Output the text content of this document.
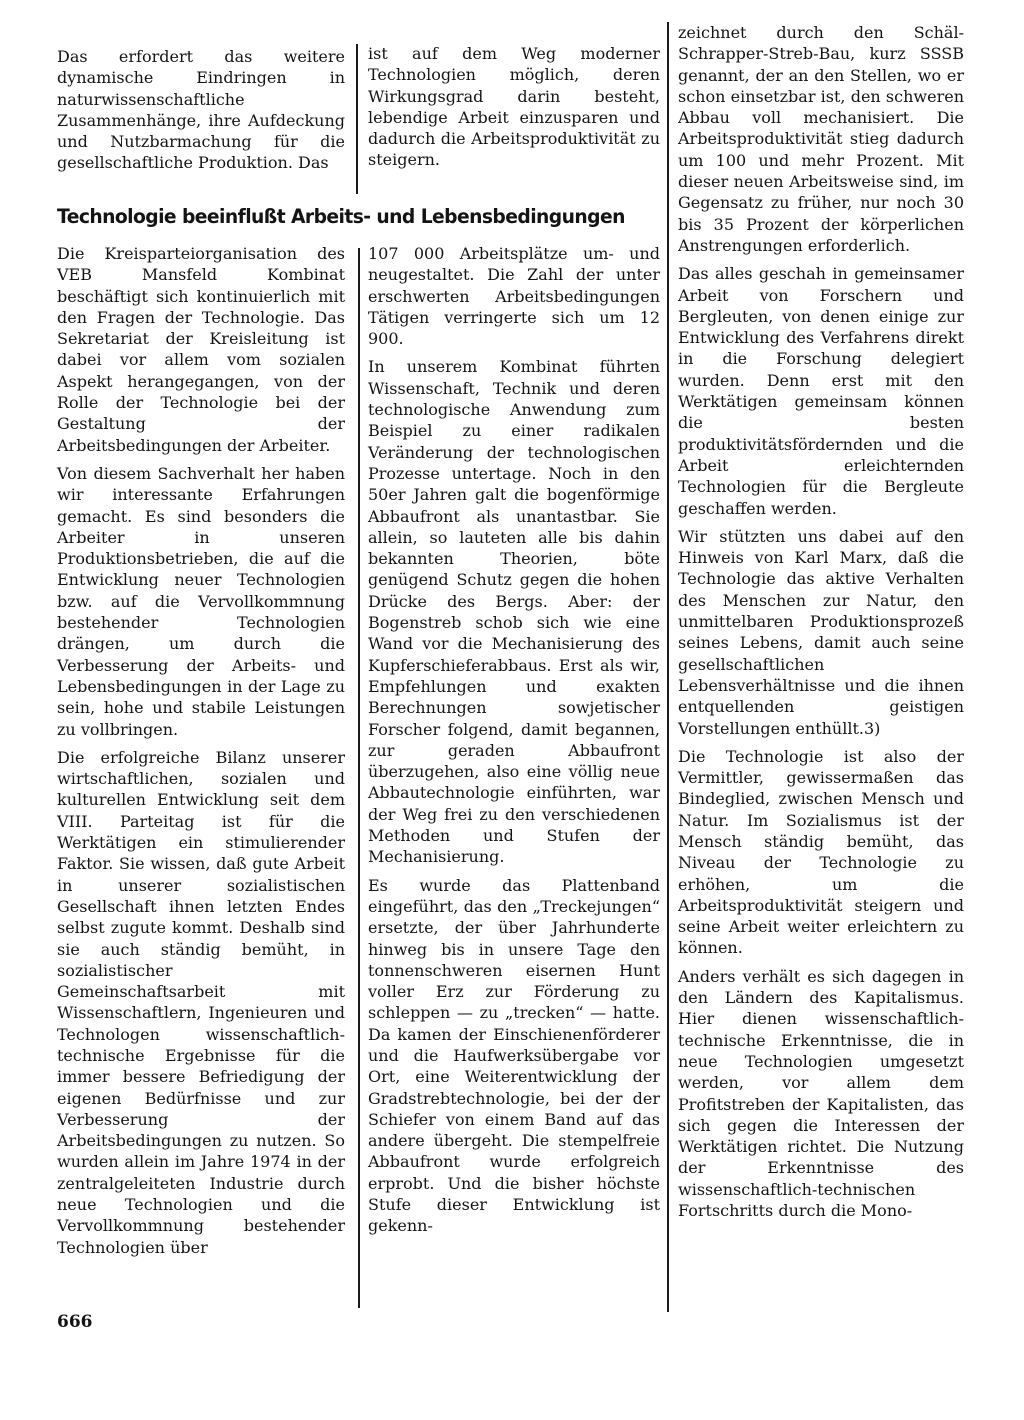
Das erfordert das weitere dynamische Eindringen in naturwissenschaftliche Zusammenhänge, ihre Aufdeckung und Nutzbarmachung für die gesellschaftliche Produktion. Das

ist auf dem Weg moderner Technologien möglich, deren Wirkungsgrad darin besteht, lebendige Arbeit einzusparen und dadurch die Arbeitsproduktivität zu steigern.

Technologie beeinflußt Arbeits- und Lebensbedingungen

Die Kreisparteiorganisation des VEB Mansfeld Kombinat beschäftigt sich kontinuierlich mit den Fragen der Technologie. Das Sekretariat der Kreisleitung ist dabei vor allem vom sozialen Aspekt herangegangen, von der Rolle der Technologie bei der Gestaltung der Arbeitsbedingungen der Arbeiter.

Von diesem Sachverhalt her haben wir interessante Erfahrungen gemacht. Es sind besonders die Arbeiter in unseren Produktionsbetrieben, die auf die Entwicklung neuer Technologien bzw. auf die Vervollkommnung bestehender Technologien drängen, um durch die Verbesserung der Arbeits- und Lebensbedingungen in der Lage zu sein, hohe und stabile Leistungen zu vollbringen.

Die erfolgreiche Bilanz unserer wirtschaftlichen, sozialen und kulturellen Entwicklung seit dem VIII. Parteitag ist für die Werktätigen ein stimulierender Faktor. Sie wissen, daß gute Arbeit in unserer sozialistischen Gesellschaft ihnen letzten Endes selbst zugute kommt. Deshalb sind sie auch ständig bemüht, in sozialistischer Gemeinschaftsarbeit mit Wissenschaftlern, Ingenieuren und Technologen wissenschaftlich-technische Ergebnisse für die immer bessere Befriedigung der eigenen Bedürfnisse und zur Verbesserung der Arbeitsbedingungen zu nutzen. So wurden allein im Jahre 1974 in der zentralgeleiteten Industrie durch neue Technologien und die Vervollkommnung bestehender Technologien über

107 000 Arbeitsplätze um- und neugestaltet. Die Zahl der unter erschwerten Arbeitsbedingungen Tätigen verringerte sich um 12 900.

In unserem Kombinat führten Wissenschaft, Technik und deren technologische Anwendung zum Beispiel zu einer radikalen Veränderung der technologischen Prozesse untertage. Noch in den 50er Jahren galt die bogenförmige Abbaufront als unantastbar. Sie allein, so lauteten alle bis dahin bekannten Theorien, böte genügend Schutz gegen die hohen Drücke des Bergs. Aber: der Bogenstreb schob sich wie eine Wand vor die Mechanisierung des Kupferschieferabbaus. Erst als wir, Empfehlungen und exakten Berechnungen sowjetischer Forscher folgend, damit begannen, zur geraden Abbaufront überzugehen, also eine völlig neue Abbautechnologie einführten, war der Weg frei zu den verschiedenen Methoden und Stufen der Mechanisierung.

Es wurde das Plattenband eingeführt, das den „Treckejungen“ ersetzte, der über Jahrhunderte hinweg bis in unsere Tage den tonnenschweren eisernen Hunt voller Erz zur Förderung zu schleppen — zu „trecken“ — hatte. Da kamen der Einschienenförderer und die Haufwerksübergabe vor Ort, eine Weiterentwicklung der Gradstrebtechnologie, bei der der Schiefer von einem Band auf das andere übergeht. Die stempelfreie Abbaufront wurde erfolgreich erprobt. Und die bisher höchste Stufe dieser Entwicklung ist gekenn-

zeichnet durch den Schäl-Schrapper-Streb-Bau, kurz SSSB genannt, der an den Stellen, wo er schon einsetzbar ist, den schweren Abbau voll mechanisiert. Die Arbeitsproduktivität stieg dadurch um 100 und mehr Prozent. Mit dieser neuen Arbeitsweise sind, im Gegensatz zu früher, nur noch 30 bis 35 Prozent der körperlichen Anstrengungen erforderlich.

Das alles geschah in gemeinsamer Arbeit von Forschern und Bergleuten, von denen einige zur Entwicklung des Verfahrens direkt in die Forschung delegiert wurden. Denn erst mit den Werktätigen gemeinsam können die besten produktivitätsfördernden und die Arbeit erleichternden Technologien für die Bergleute geschaffen werden.

Wir stützten uns dabei auf den Hinweis von Karl Marx, daß die Technologie das aktive Verhalten des Menschen zur Natur, den unmittelbaren Produktionsprozeß seines Lebens, damit auch seine gesellschaftlichen Lebensverhältnisse und die ihnen entquellenden geistigen Vorstellungen enthüllt.3)

Die Technologie ist also der Vermittler, gewissermaßen das Bindeglied, zwischen Mensch und Natur. Im Sozialismus ist der Mensch ständig bemüht, das Niveau der Technologie zu erhöhen, um die Arbeitsproduktivität steigern und seine Arbeit weiter erleichtern zu können.

Anders verhält es sich dagegen in den Ländern des Kapitalismus. Hier dienen wissenschaftlich-technische Erkenntnisse, die in neue Technologien umgesetzt werden, vor allem dem Profitstreben der Kapitalisten, das sich gegen die Interessen der Werktätigen richtet. Die Nutzung der Erkenntnisse des wissenschaftlich-technischen Fortschritts durch die Mono-

666
